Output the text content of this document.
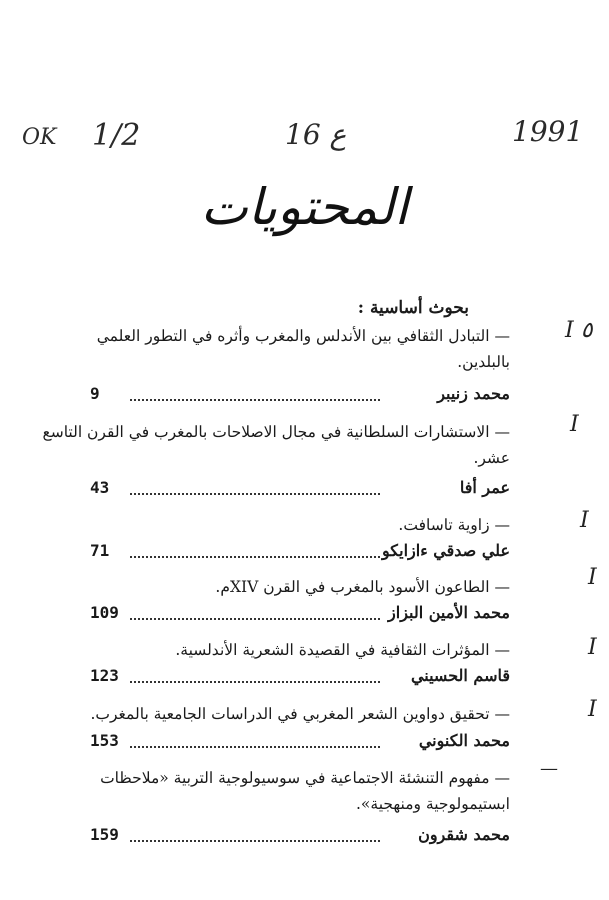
OK 1/2	16 ع	1991
المحتويات
بحوث أساسية :
I ٥
I
I
I
I
I
—
— التبادل الثقافي بين الأندلس والمغرب وأثره في التطور العلمي بالبلدين.
محمد زنيبر
9
— الاستشارات السلطانية في مجال الاصلاحات بالمغرب في القرن التاسع عشر.
عمر أفا
43
— زاوية تاسافت.
علي صدقي ءازايكو
71
— الطاعون الأسود بالمغرب في القرن XIVم.
محمد الأمين البزاز
109
— المؤثرات الثقافية في القصيدة الشعرية الأندلسية.
قاسم الحسيني
123
— تحقيق دواوين الشعر المغربي في الدراسات الجامعية بالمغرب.
محمد الكنوني
153
— مفهوم التنشئة الاجتماعية في سوسيولوجية التربية «ملاحظات ابستيمولوجية ومنهجية».
محمد شقرون
159
